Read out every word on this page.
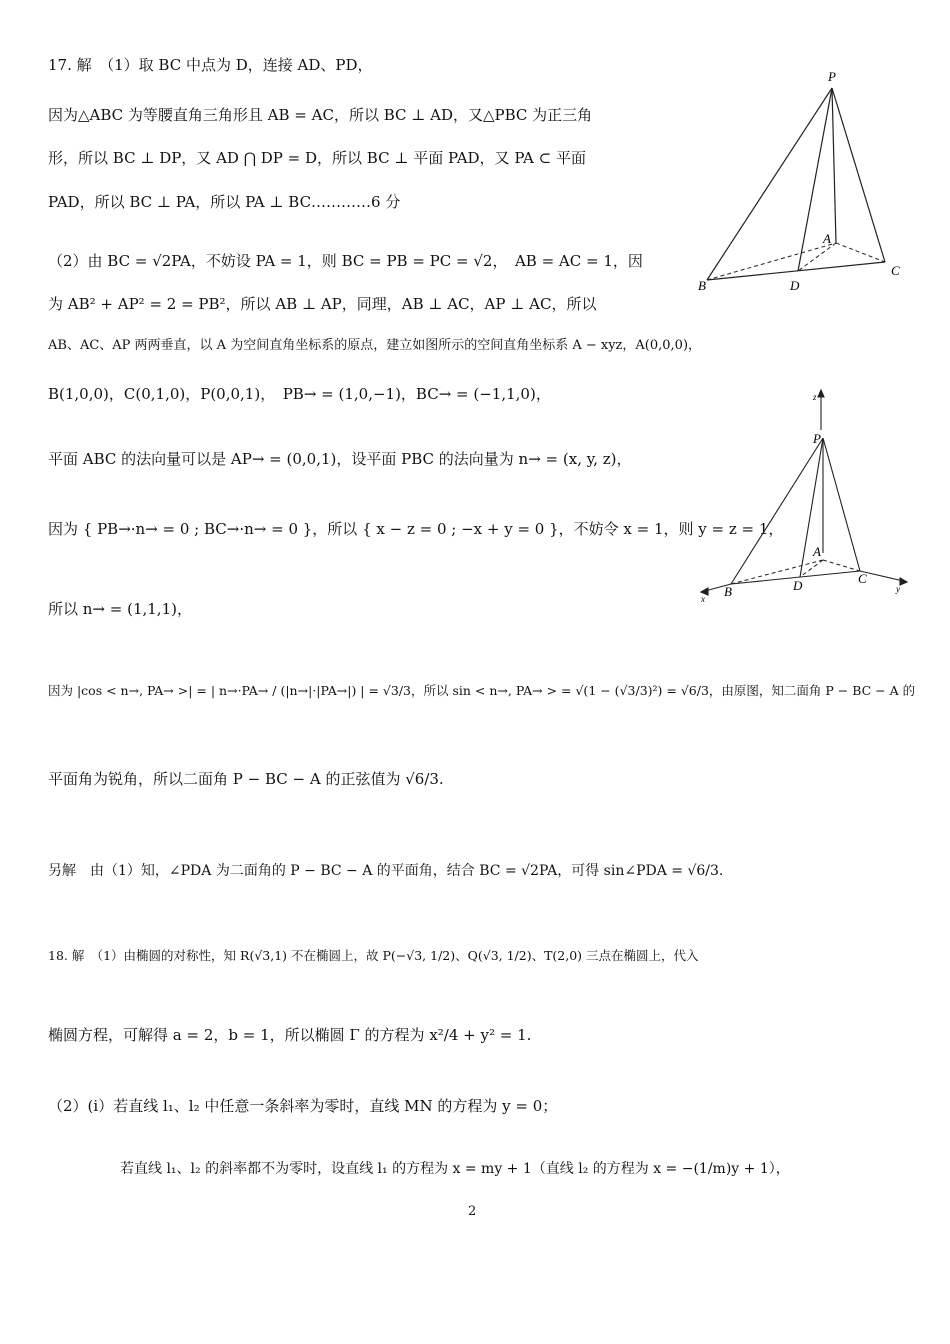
17. 解　（1）取 BC 中点为 D，连接 AD、PD，
因为△ABC 为等腰直角三角形且 AB = AC，所以 BC ⊥ AD，又△PBC 为正三角
形，所以 BC ⊥ DP，又 AD ⋂ DP = D，所以 BC ⊥ 平面 PAD，又 PA ⊂ 平面
PAD，所以 BC ⊥ PA，所以 PA ⊥ BC…………6 分
（2）由 BC = √2PA，不妨设 PA = 1，则 BC = PB = PC = √2，　AB = AC = 1，因
为 AB² + AP² = 2 = PB²，所以 AB ⊥ AP，同理，AB ⊥ AC，AP ⊥ AC，所以
AB、AC、AP 两两垂直，以 A 为空间直角坐标系的原点，建立如图所示的空间直角坐标系 A − xyz，A(0,0,0)，
B(1,0,0)，C(0,1,0)，P(0,0,1)，　PB→ = (1,0,−1)，BC→ = (−1,1,0)，
平面 ABC 的法向量可以是 AP→ = (0,0,1)，设平面 PBC 的法向量为 n→ = (x, y, z)，
因为 { PB→·n→ = 0 ; BC→·n→ = 0 }，所以 { x − z = 0 ; −x + y = 0 }，不妨令 x = 1，则 y = z = 1，
所以 n→ = (1,1,1)，
因为 |cos < n→, PA→ >| = | n→·PA→ / (|n→|·|PA→|) | = √3/3，所以 sin < n→, PA→ > = √(1 − (√3/3)²) = √6/3，由原图，知二面角 P − BC − A 的
平面角为锐角，所以二面角 P − BC − A 的正弦值为 √6/3.
另解　由（1）知，∠PDA 为二面角的 P − BC − A 的平面角，结合 BC = √2PA，可得 sin∠PDA = √6/3.
18. 解　（1）由椭圆的对称性，知 R(√3,1) 不在椭圆上，故 P(−√3, 1/2)、Q(√3, 1/2)、T(2,0) 三点在椭圆上，代入
椭圆方程，可解得 a = 2，b = 1，所以椭圆 Γ 的方程为 x²/4 + y² = 1.
（2）(i）若直线 l₁、l₂ 中任意一条斜率为零时，直线 MN 的方程为 y = 0；
若直线 l₁、l₂ 的斜率都不为零时，设直线 l₁ 的方程为 x = my + 1（直线 l₂ 的方程为 x = −(1/m)y + 1），
P
A
B	D
C
z
P
A
B	D	C
x
y
2
